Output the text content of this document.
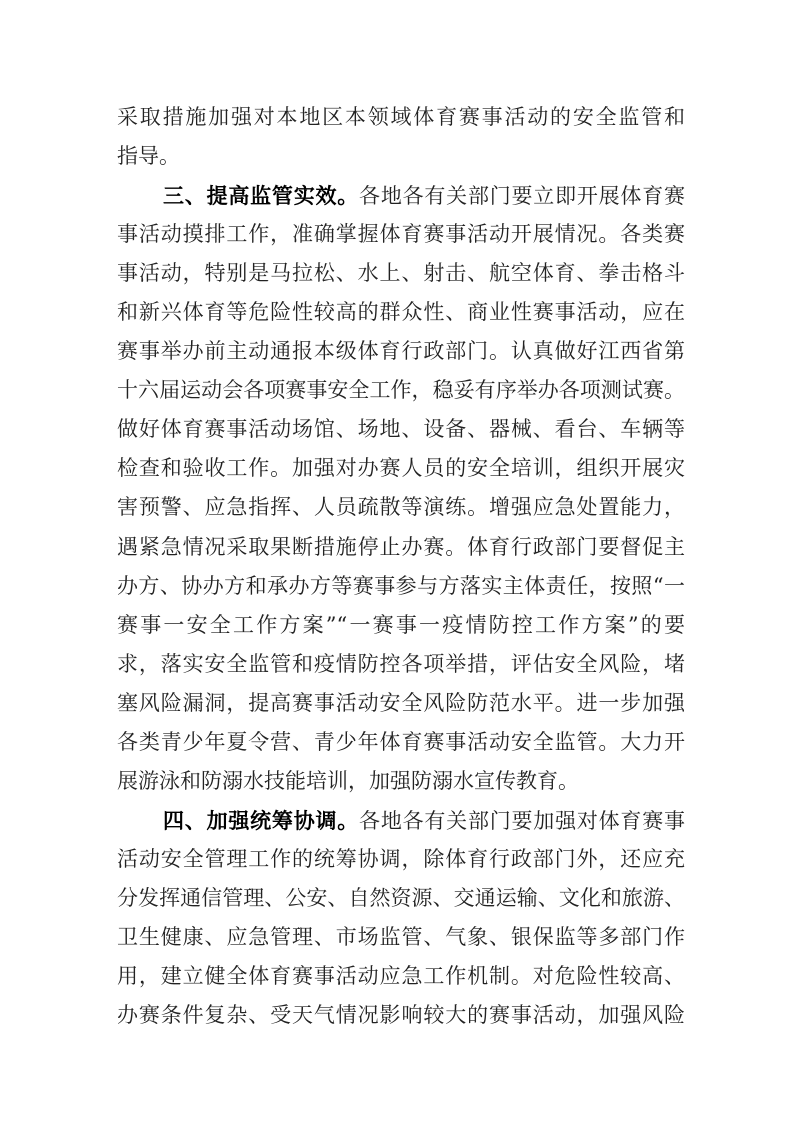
采取措施加强对本地区本领域体育赛事活动的安全监管和
指导。
三、提高监管实效。各地各有关部门要立即开展体育赛
事活动摸排工作，准确掌握体育赛事活动开展情况。各类赛
事活动，特别是马拉松、水上、射击、航空体育、拳击格斗
和新兴体育等危险性较高的群众性、商业性赛事活动，应在
赛事举办前主动通报本级体育行政部门。认真做好江西省第
十六届运动会各项赛事安全工作，稳妥有序举办各项测试赛。
做好体育赛事活动场馆、场地、设备、器械、看台、车辆等
检查和验收工作。加强对办赛人员的安全培训，组织开展灾
害预警、应急指挥、人员疏散等演练。增强应急处置能力，
遇紧急情况采取果断措施停止办赛。体育行政部门要督促主
办方、协办方和承办方等赛事参与方落实主体责任，按照“一
赛事一安全工作方案”“一赛事一疫情防控工作方案”的要
求，落实安全监管和疫情防控各项举措，评估安全风险，堵
塞风险漏洞，提高赛事活动安全风险防范水平。进一步加强
各类青少年夏令营、青少年体育赛事活动安全监管。大力开
展游泳和防溺水技能培训，加强防溺水宣传教育。
四、加强统筹协调。各地各有关部门要加强对体育赛事
活动安全管理工作的统筹协调，除体育行政部门外，还应充
分发挥通信管理、公安、自然资源、交通运输、文化和旅游、
卫生健康、应急管理、市场监管、气象、银保监等多部门作
用，建立健全体育赛事活动应急工作机制。对危险性较高、
办赛条件复杂、受天气情况影响较大的赛事活动，加强风险
